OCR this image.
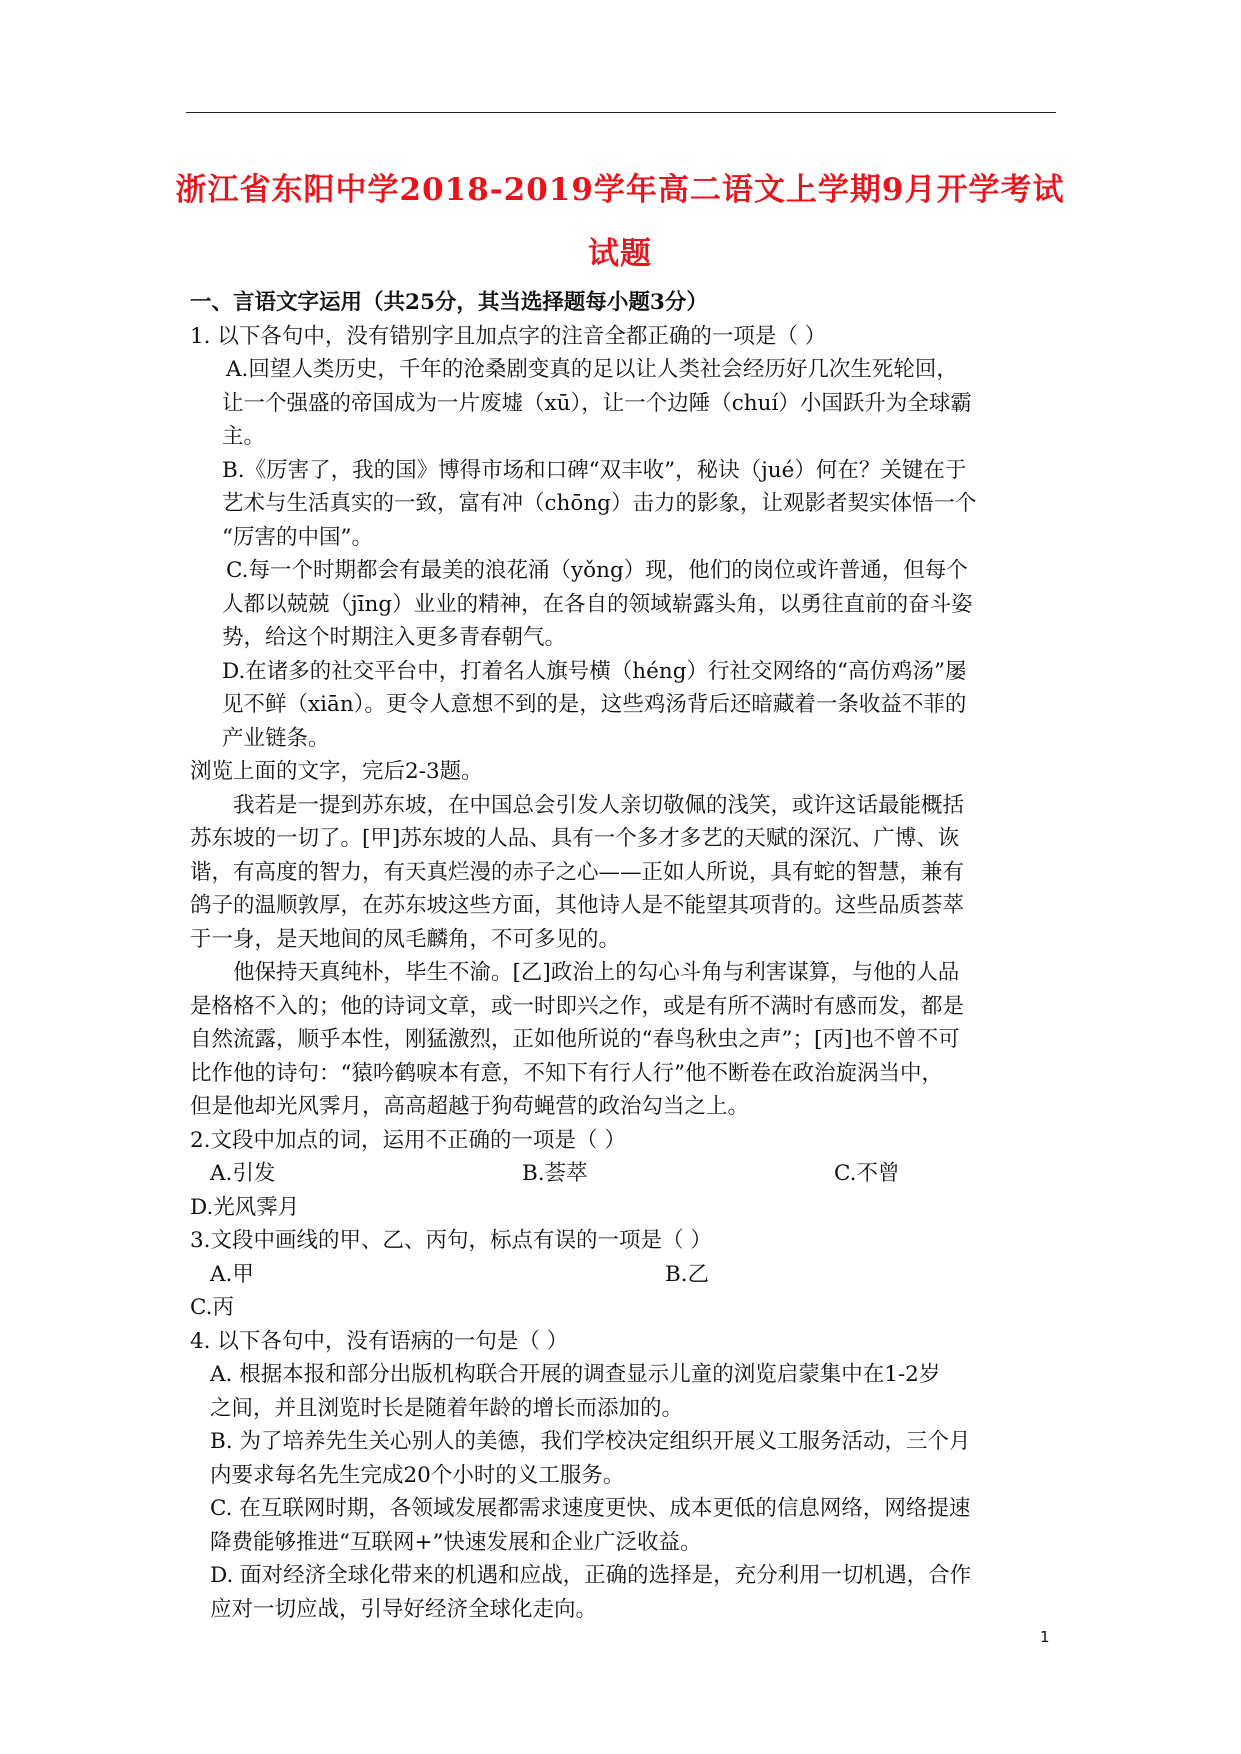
浙江省东阳中学2018-2019学年高二语文上学期9月开学考试
试题

一、言语文字运用（共25分，其当选择题每小题3分）

1. 以下各句中，没有错别字且加点字的注音全都正确的一项是（ ）

A.回望人类历史，千年的沧桑剧变真的足以让人类社会经历好几次生死轮回，

让一个强盛的帝国成为一片废墟（xū），让一个边陲（chuí）小国跃升为全球霸

主。

B.《厉害了，我的国》博得市场和口碑“双丰收”，秘诀（jué）何在？关键在于

艺术与生活真实的一致，富有冲（chōng）击力的影象，让观影者契实体悟一个

“厉害的中国”。

C.每一个时期都会有最美的浪花涌（yǒng）现，他们的岗位或许普通，但每个

人都以兢兢（jīng）业业的精神，在各自的领域崭露头角，以勇往直前的奋斗姿

势，给这个时期注入更多青春朝气。

D.在诸多的社交平台中，打着名人旗号横（héng）行社交网络的“高仿鸡汤”屡

见不鲜（xiān）。更令人意想不到的是，这些鸡汤背后还暗藏着一条收益不菲的

产业链条。

浏览上面的文字，完后2-3题。

我若是一提到苏东坡，在中国总会引发人亲切敬佩的浅笑，或许这话最能概括

苏东坡的一切了。[甲]苏东坡的人品、具有一个多才多艺的天赋的深沉、广博、诙

谐，有高度的智力，有天真烂漫的赤子之心——正如人所说，具有蛇的智慧，兼有

鸽子的温顺敦厚，在苏东坡这些方面，其他诗人是不能望其项背的。这些品质荟萃

于一身，是天地间的凤毛麟角，不可多见的。

他保持天真纯朴，毕生不渝。[乙]政治上的勾心斗角与利害谋算，与他的人品

是格格不入的；他的诗词文章，或一时即兴之作，或是有所不满时有感而发，都是

自然流露，顺乎本性，刚猛激烈，正如他所说的“春鸟秋虫之声”；[丙]也不曾不可

比作他的诗句：“猿吟鹤唳本有意，不知下有行人行”他不断卷在政治旋涡当中，

但是他却光风霁月，高高超越于狗苟蝇营的政治勾当之上。

2.文段中加点的词，运用不正确的一项是（ ）

A.引发	B.荟萃	C.不曾

D.光风霁月

3.文段中画线的甲、乙、丙句，标点有误的一项是（ ）

A.甲	B.乙

C.丙

4. 以下各句中，没有语病的一句是（ ）

A. 根据本报和部分出版机构联合开展的调查显示儿童的浏览启蒙集中在1-2岁

之间，并且浏览时长是随着年龄的增长而添加的。

B. 为了培养先生关心别人的美德，我们学校决定组织开展义工服务活动，三个月

内要求每名先生完成20个小时的义工服务。

C. 在互联网时期，各领域发展都需求速度更快、成本更低的信息网络，网络提速

降费能够推进“互联网+”快速发展和企业广泛收益。

D. 面对经济全球化带来的机遇和应战，正确的选择是，充分利用一切机遇，合作

应对一切应战，引导好经济全球化走向。

1
